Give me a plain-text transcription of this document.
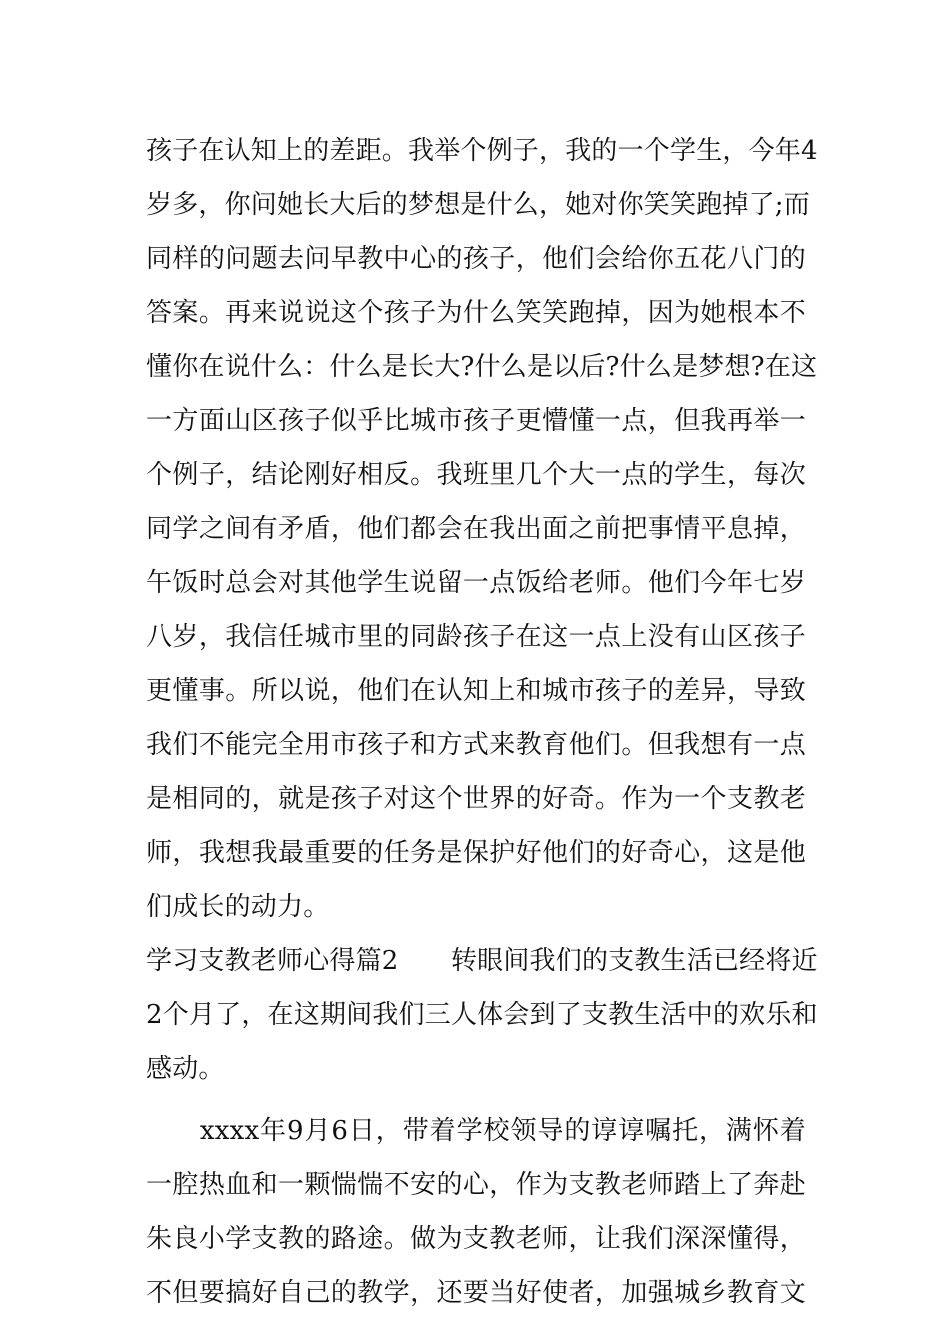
孩子在认知上的差距。我举个例子，我的一个学生，今年4
岁多，你问她长大后的梦想是什么，她对你笑笑跑掉了;而
同样的问题去问早教中心的孩子，他们会给你五花八门的
答案。再来说说这个孩子为什么笑笑跑掉，因为她根本不
懂你在说什么：什么是长大?什么是以后?什么是梦想?在这
一方面山区孩子似乎比城市孩子更懵懂一点，但我再举一
个例子，结论刚好相反。我班里几个大一点的学生，每次
同学之间有矛盾，他们都会在我出面之前把事情平息掉，
午饭时总会对其他学生说留一点饭给老师。他们今年七岁
八岁，我信任城市里的同龄孩子在这一点上没有山区孩子
更懂事。所以说，他们在认知上和城市孩子的差异，导致
我们不能完全用市孩子和方式来教育他们。但我想有一点
是相同的，就是孩子对这个世界的好奇。作为一个支教老
师，我想我最重要的任务是保护好他们的好奇心，这是他
们成长的动力。
学习支教老师心得篇2　　转眼间我们的支教生活已经将近
2个月了，在这期间我们三人体会到了支教生活中的欢乐和
感动。
　　xxxx年9月6日，带着学校领导的谆谆嘱托，满怀着
一腔热血和一颗惴惴不安的心，作为支教老师踏上了奔赴
朱良小学支教的路途。做为支教老师，让我们深深懂得，
不但要搞好自己的教学，还要当好使者，加强城乡教育文
